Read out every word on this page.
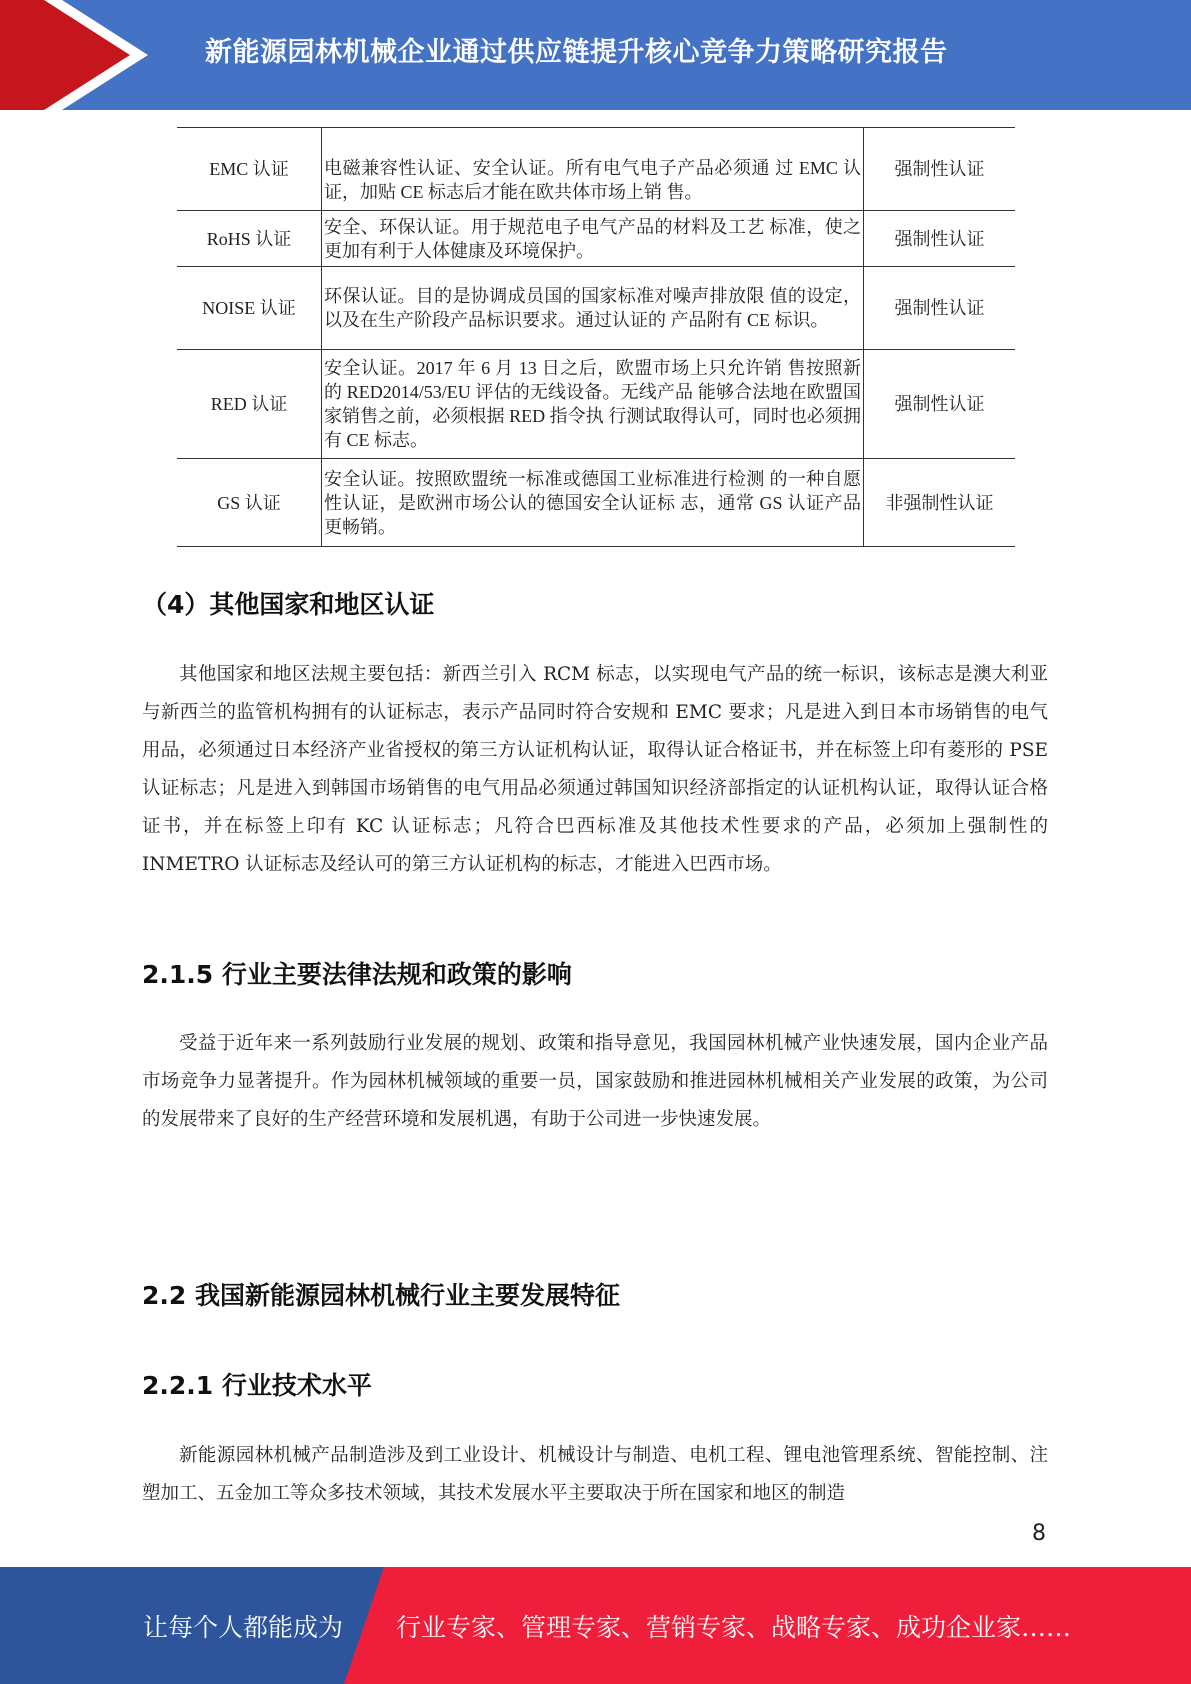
新能源园林机械企业通过供应链提升核心竞争力策略研究报告
EMC 认证	电磁兼容性认证、安全认证。所有电气电子产品必须通 过 EMC 认证，加贴 CE 标志后才能在欧共体市场上销 售。	强制性认证
RoHS 认证	安全、环保认证。用于规范电子电气产品的材料及工艺 标准，使之更加有利于人体健康及环境保护。	强制性认证
NOISE 认证	环保认证。目的是协调成员国的国家标准对噪声排放限 值的设定，以及在生产阶段产品标识要求。通过认证的 产品附有 CE 标识。	强制性认证
RED 认证	安全认证。2017 年 6 月 13 日之后，欧盟市场上只允许销 售按照新的 RED2014/53/EU 评估的无线设备。无线产品 能够合法地在欧盟国家销售之前，必须根据 RED 指令执 行测试取得认可，同时也必须拥有 CE 标志。	强制性认证
GS 认证	安全认证。按照欧盟统一标准或德国工业标准进行检测 的一种自愿性认证，是欧洲市场公认的德国安全认证标 志，通常 GS 认证产品更畅销。	非强制性认证
（4）其他国家和地区认证

其他国家和地区法规主要包括：新西兰引入 RCM 标志，以实现电气产品的统一标识，该标志是澳大利亚与新西兰的监管机构拥有的认证标志，表示产品同时符合安规和 EMC 要求；凡是进入到日本市场销售的电气用品，必须通过日本经济产业省授权的第三方认证机构认证，取得认证合格证书，并在标签上印有菱形的 PSE 认证标志；凡是进入到韩国市场销售的电气用品必须通过韩国知识经济部指定的认证机构认证，取得认证合格证书，并在标签上印有 KC 认证标志；凡符合巴西标准及其他技术性要求的产品，必须加上强制性的 INMETRO 认证标志及经认可的第三方认证机构的标志，才能进入巴西市场。

2.1.5 行业主要法律法规和政策的影响

受益于近年来一系列鼓励行业发展的规划、政策和指导意见，我国园林机械产业快速发展，国内企业产品市场竞争力显著提升。作为园林机械领域的重要一员，国家鼓励和推进园林机械相关产业发展的政策，为公司的发展带来了良好的生产经营环境和发展机遇，有助于公司进一步快速发展。

2.2 我国新能源园林机械行业主要发展特征
2.2.1 行业技术水平

新能源园林机械产品制造涉及到工业设计、机械设计与制造、电机工程、锂电池管理系统、智能控制、注塑加工、五金加工等众多技术领域，其技术发展水平主要取决于所在国家和地区的制造

8
让每个人都能成为 行业专家、管理专家、营销专家、战略专家、成功企业家……
